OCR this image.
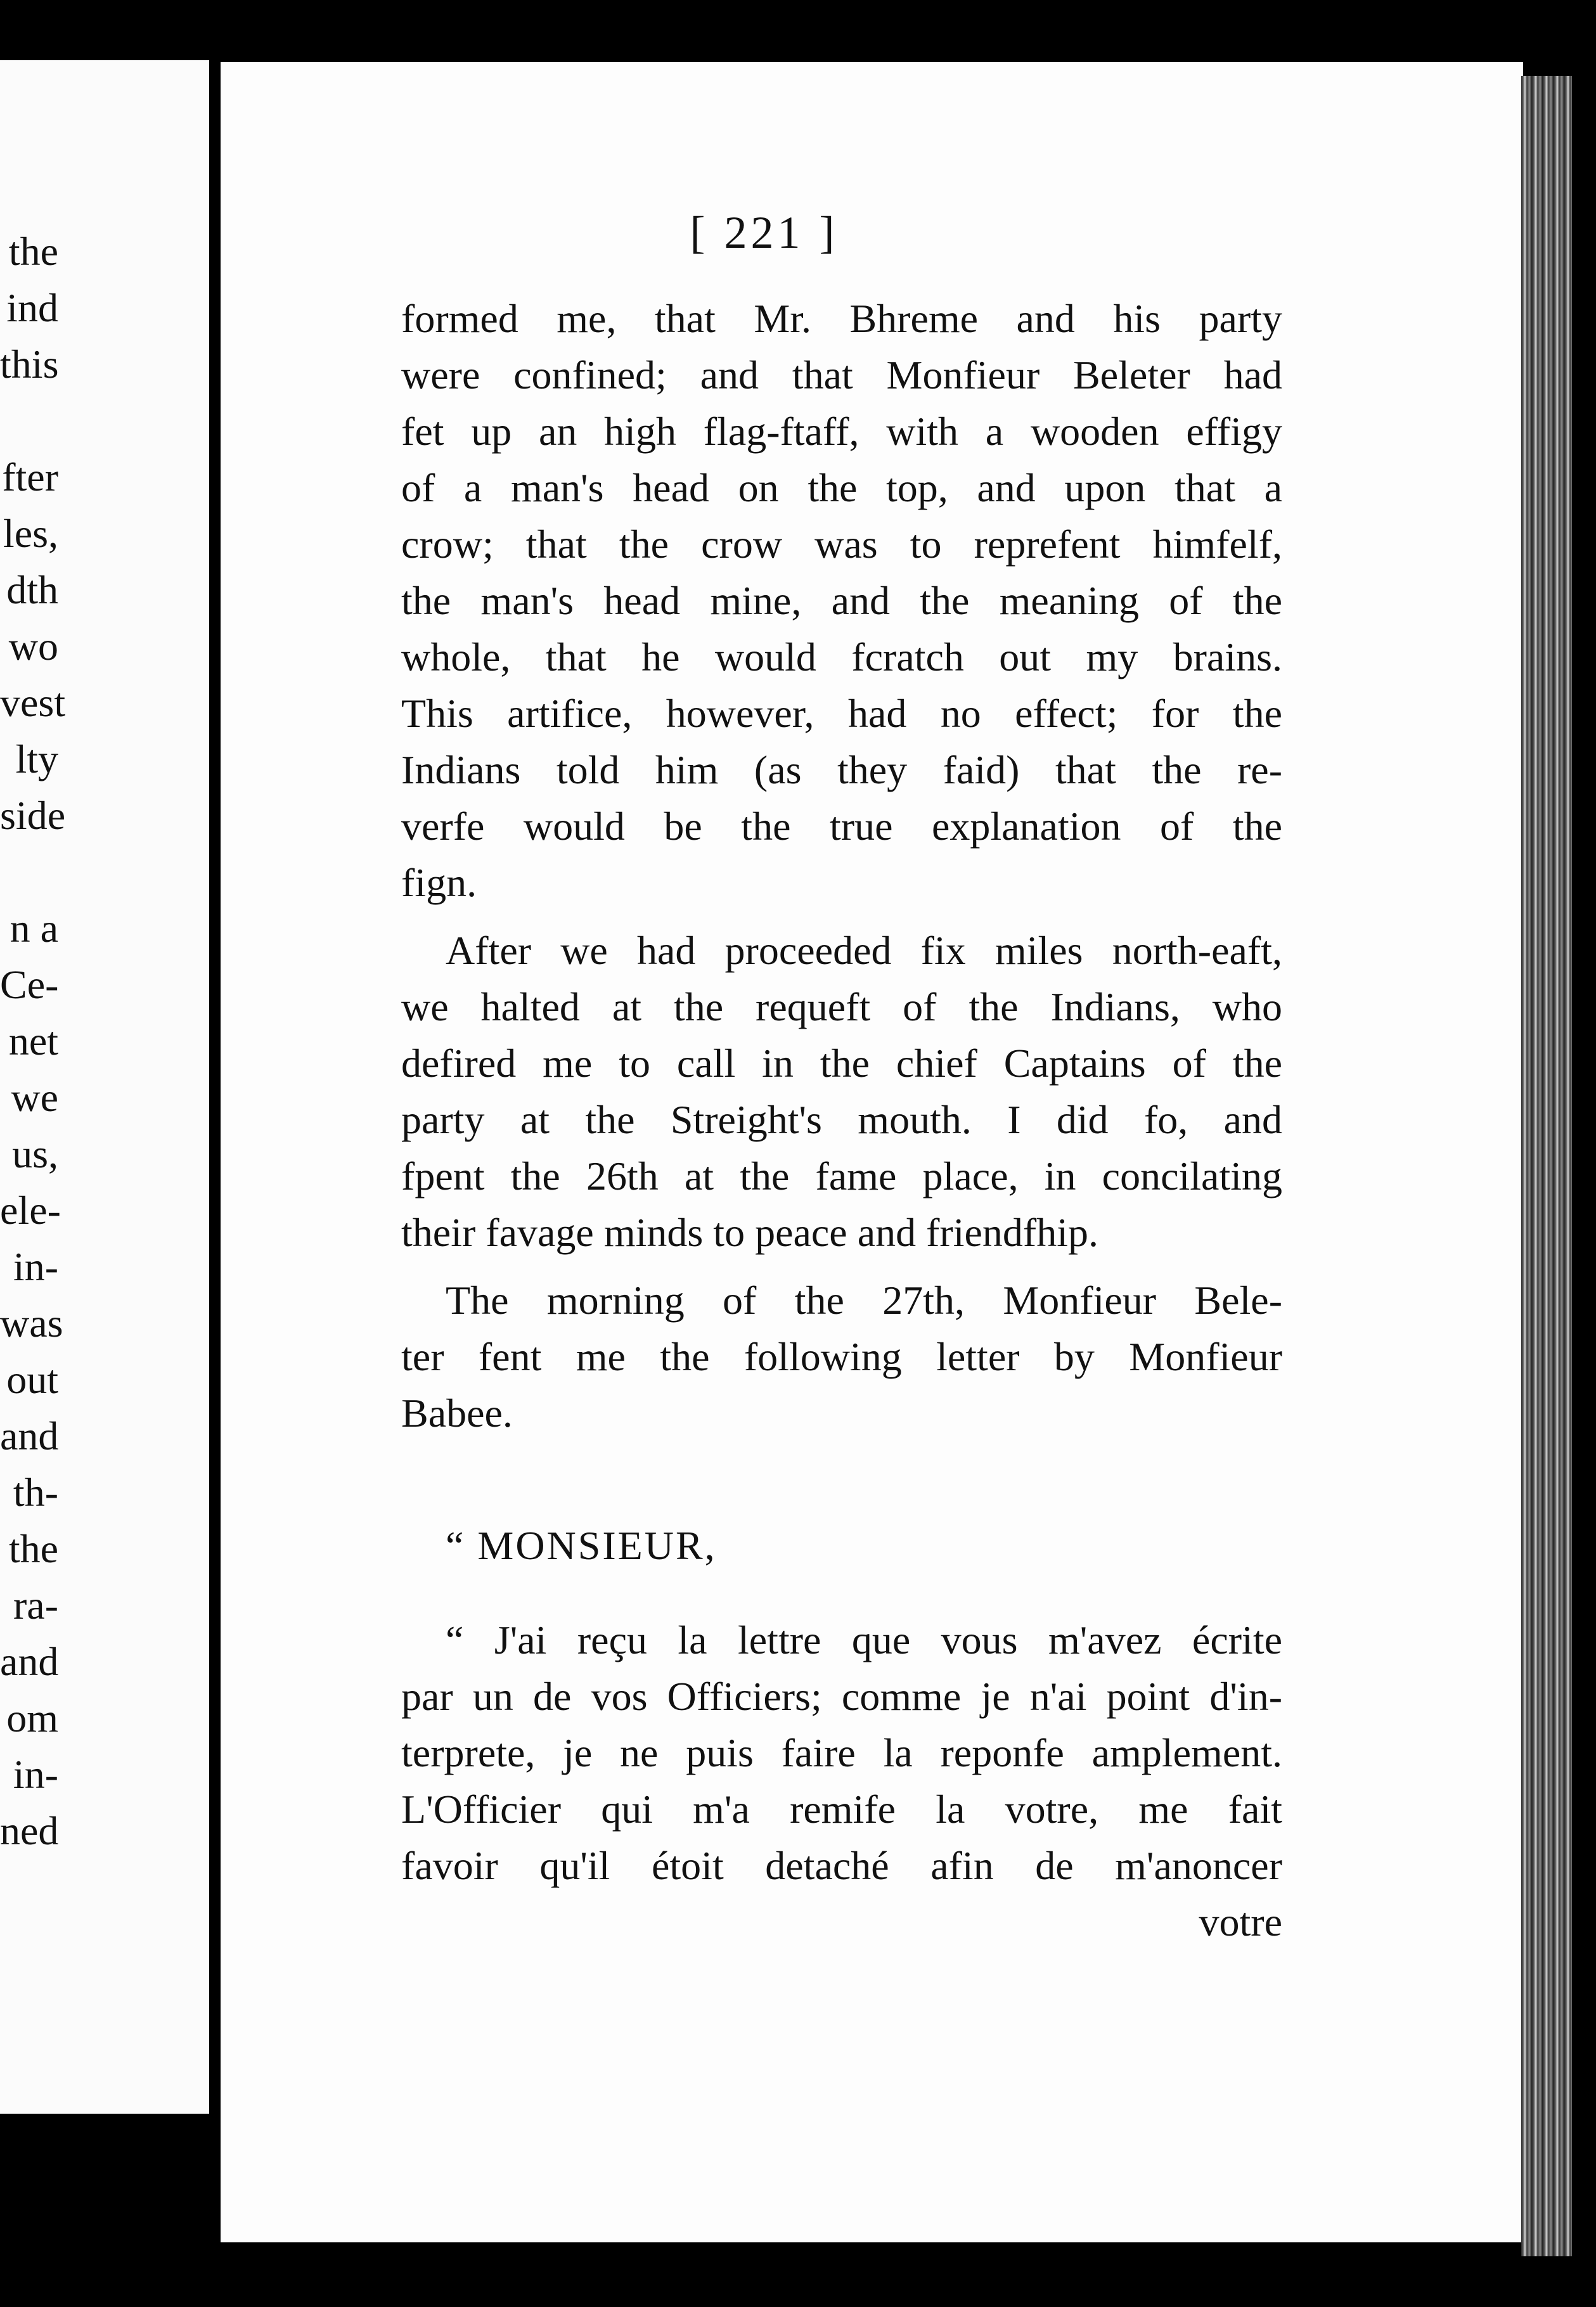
the
ind
this
fter
les,
dth
wo
vest
lty
side
n a
Ce-
net
we
us,
ele-
in-
was
out
and
th-
the
ra-
and
om
in-
ned
[ 221 ]
formed me, that Mr. Bhreme and his party
were confined; and that Monfieur Beleter had
fet up an high flag-ftaff, with a wooden effigy
of a man's head on the top, and upon that a
crow; that the crow was to reprefent himfelf,
the man's head mine, and the meaning of the
whole, that he would fcratch out my brains.
This artifice, however, had no effect; for the
Indians told him (as they faid) that the re-
verfe would be the true explanation of the
fign.
After we had proceeded fix miles north-eaft,
we halted at the requeft of the Indians, who
defired me to call in the chief Captains of the
party at the Streight's mouth. I did fo, and
fpent the 26th at the fame place, in concilating
their favage minds to peace and friendfhip.
The morning of the 27th, Monfieur Bele-
ter fent me the following letter by Monfieur
Babee.
“ MONSIEUR,
“ J'ai reçu la lettre que vous m'avez écrite
par un de vos Officiers; comme je n'ai point d'in-
terprete, je ne puis faire la reponfe amplement.
L'Officier qui m'a remife la votre, me fait
favoir qu'il étoit detaché afin de m'anoncer
votre
